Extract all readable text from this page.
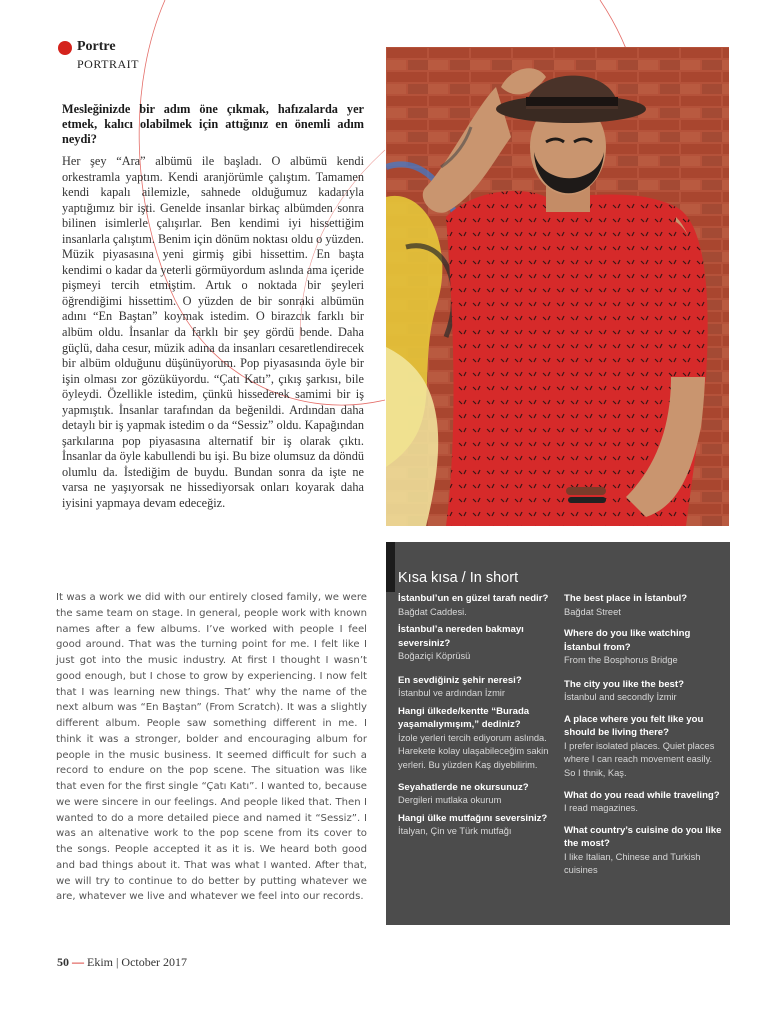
Portre
PORTRAIT

Mesleğinizde bir adım öne çıkmak, hafızalarda yer etmek, kalıcı olabilmek için attığınız en önemli adım neydi?

Her şey “Ara” albümü ile başladı. O albümü kendi orkestramla yaptım. Kendi aranjörümle çalıştım. Tamamen kendi kapalı ailemizle, sahnede olduğumuz kadarıyla yaptığımız bir işti. Genelde insanlar birkaç albümden sonra bilinen isimlerle çalışırlar. Ben kendimi iyi hissettiğim insanlarla çalıştım. Benim için dönüm noktası oldu o yüzden. Müzik piyasasına yeni girmiş gibi hissettim. En başta kendimi o kadar da yeterli görmüyordum aslında ama içeride pişmeyi tercih etmiştim. Artık o noktada bir şeyleri öğrendiğimi hissettim. O yüzden de bir sonraki albümün adını “En Baştan” koymak istedim. O birazcık farklı bir albüm oldu. İnsanlar da farklı bir şey gördü bende. Daha güçlü, daha cesur, müzik adına da insanları cesaretlendirecek bir albüm olduğunu düşünüyorum. Pop piyasasında öyle bir işin olması zor gözüküyordu. “Çatı Katı”, çıkış şarkısı, bile öyleydi. Özellikle istedim, çünkü hissederek samimi bir iş yapmıştık. İnsanlar tarafından da beğenildi. Ardından daha detaylı bir iş yapmak istedim o da “Sessiz” oldu. Kapağından şarkılarına pop piyasasına alternatif bir iş olarak çıktı. İnsanlar da öyle kabullendi bu işi. Bu bize olumsuz da döndü olumlu da. İstediğim de buydu. Bundan sonra da işte ne varsa ne yaşıyorsak ne hissediyorsak onları koyarak daha iyisini yapmaya devam edeceğiz.

It was a work we did with our entirely closed family, we were the same team on stage. In general, people work with known names after a few albums. I’ve worked with people I feel good around. That was the turning point for me. I felt like I just got into the music industry. At first I thought I wasn’t good enough, but I chose to grow by experiencing. I now felt that I was learning new things. That’ why the name of the next album was “En Baştan” (From Scratch). It was a slightly different album. People saw something different in me. I think it was a stronger, bolder and encouraging album for people in the music business. It seemed difficult for such a record to endure on the pop scene. The situation was like that even for the first single “Çatı Katı”. I wanted to, because we were sincere in our feelings. And people liked that. Then I wanted to do a more detailed piece and named it “Sessiz”. I was an altenative work to the pop scene from its cover to the songs. People accepted it as it is. We heard both good and bad things about it. That was what I wanted. After that, we will try to continue to do better by putting whatever we are, whatever we live and whatever we feel into our records.

Kısa kısa / In short

İstanbul’un en güzel tarafı nedir?

Bağdat Caddesi.

İstanbul’a nereden bakmayı seversiniz?

Boğaziçi Köprüsü

En sevdiğiniz şehir neresi?

İstanbul ve ardından İzmir

Hangi ülkede/kentte “Burada yaşamalıymışım,” dediniz?

İzole yerleri tercih ediyorum aslında. Harekete kolay ulaşabileceğim sakin yerleri. Bu yüzden Kaş diyebilirim.

Seyahatlerde ne okursunuz?

Dergileri mutlaka okurum

Hangi ülke mutfağını seversiniz?

İtalyan, Çin ve Türk mutfağı

The best place in İstanbul?

Bağdat Street

Where do you like watching İstanbul from?

From the Bosphorus Bridge

The city you like the best?

İstanbul and secondly İzmir

A place where you felt like you should be living there?

I prefer isolated places. Quiet places where I can reach movement easily. So I thnik, Kaş.

What do you read while traveling?

I read magazines.

What country’s cuisine do you like the most?

I like Italian, Chinese and Turkish cuisines

50 — Ekim | October 2017
